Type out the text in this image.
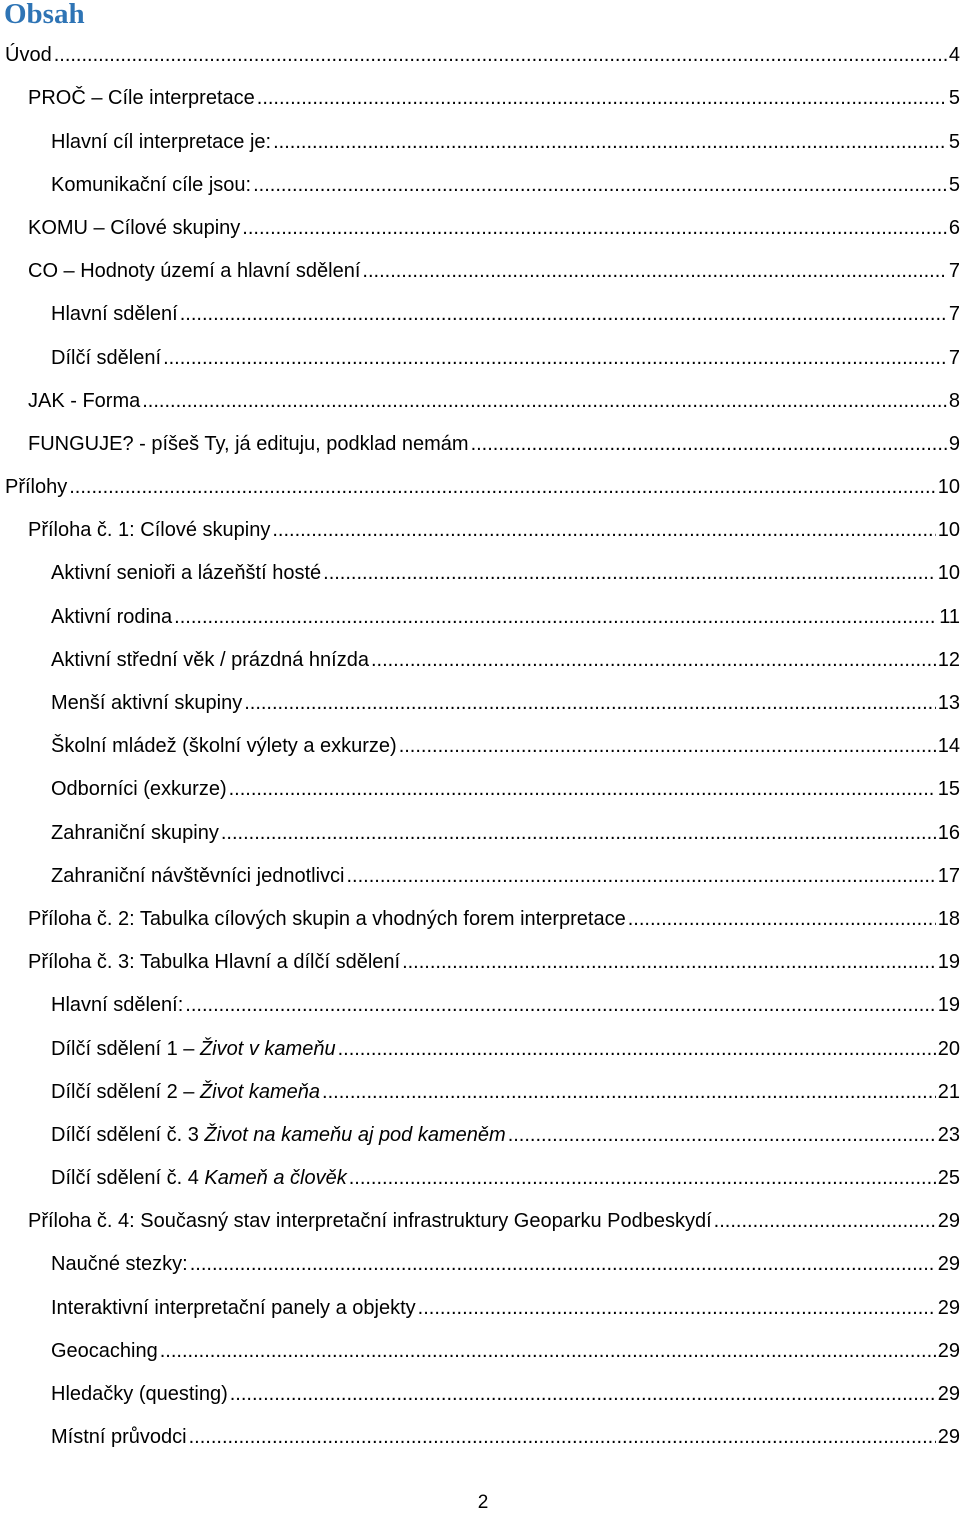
Obsah
Úvod .....	4
PROČ – Cíle interpretace .....	5
Hlavní cíl interpretace je: .....	5
Komunikační cíle jsou: .....	5
KOMU – Cílové skupiny .....	6
CO – Hodnoty území a hlavní sdělení .....	7
Hlavní sdělení .....	7
Dílčí sdělení .....	7
JAK - Forma .....	8
FUNGUJE? - píšeš Ty, já edituju, podklad nemám .....	9
Přílohy .....	10
Příloha č. 1: Cílové skupiny .....	10
Aktivní senioři a lázeňští hosté .....	10
Aktivní rodina .....	11
Aktivní střední věk / prázdná hnízda .....	12
Menší aktivní skupiny .....	13
Školní mládež (školní výlety a exkurze) .....	14
Odborníci (exkurze) .....	15
Zahraniční skupiny .....	16
Zahraniční návštěvníci jednotlivci .....	17
Příloha č. 2: Tabulka cílových skupin a vhodných forem interpretace .....	18
Příloha č. 3: Tabulka Hlavní a dílčí sdělení .....	19
Hlavní sdělení: .....	19
Dílčí sdělení 1 – Život v kameňu .....	20
Dílčí sdělení 2 – Život kameňa .....	21
Dílčí sdělení č. 3 Život na kameňu aj pod kameněm .....	23
Dílčí sdělení č. 4 Kameň a člověk .....	25
Příloha č. 4: Současný stav interpretační infrastruktury Geoparku Podbeskydí .....	29
Naučné stezky: .....	29
Interaktivní interpretační panely a objekty .....	29
Geocaching .....	29
Hledačky (questing) .....	29
Místní průvodci .....	29
2
